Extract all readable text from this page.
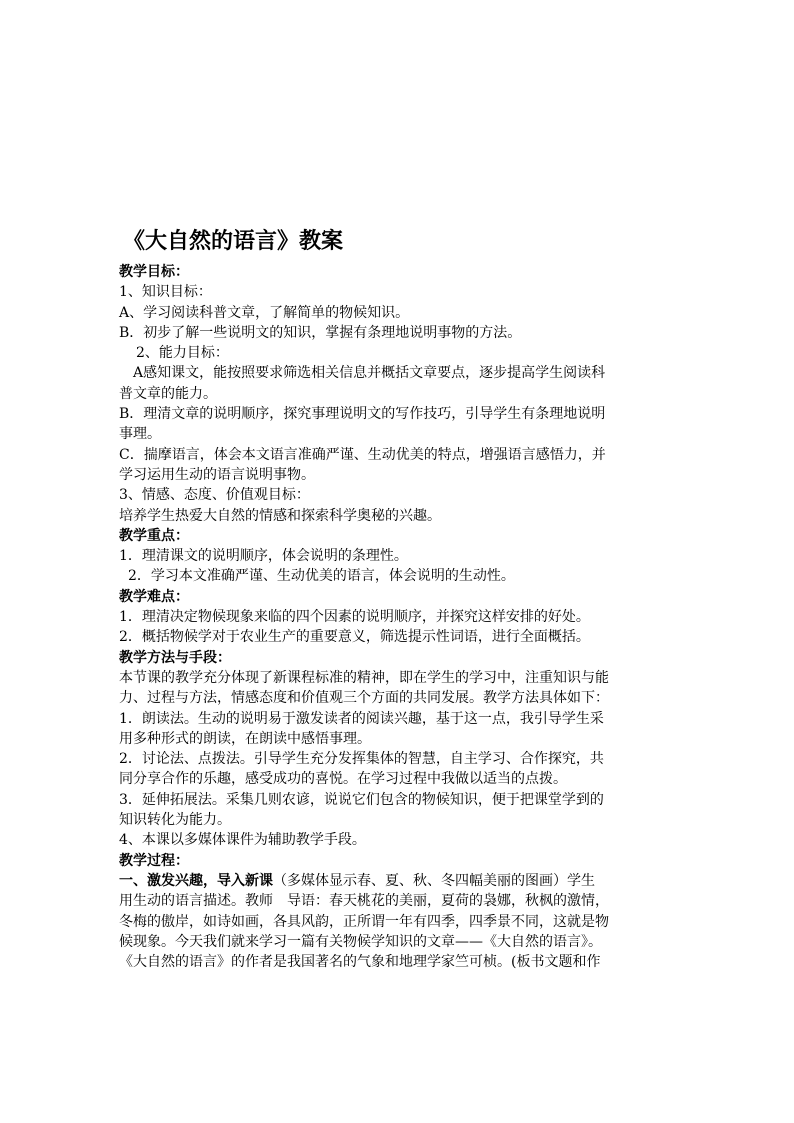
《大自然的语言》教案
教学目标：
1、知识目标：
A、学习阅读科普文章，了解简单的物候知识。
B．初步了解一些说明文的知识，掌握有条理地说明事物的方法。
2、能力目标：
A感知课文，能按照要求筛选相关信息并概括文章要点，逐步提高学生阅读科
普文章的能力。
B．理清文章的说明顺序，探究事理说明文的写作技巧，引导学生有条理地说明
事理。
C．揣摩语言，体会本文语言准确严谨、生动优美的特点，增强语言感悟力，并
学习运用生动的语言说明事物。
3、情感、态度、价值观目标：
培养学生热爱大自然的情感和探索科学奥秘的兴趣。
教学重点：
1．理清课文的说明顺序，体会说明的条理性。
2．学习本文准确严谨、生动优美的语言，体会说明的生动性。
教学难点：
1．理清决定物候现象来临的四个因素的说明顺序，并探究这样安排的好处。
2．概括物候学对于农业生产的重要意义，筛选提示性词语，进行全面概括。
教学方法与手段：
本节课的教学充分体现了新课程标准的精神，即在学生的学习中，注重知识与能
力、过程与方法，情感态度和价值观三个方面的共同发展。教学方法具体如下：
1．朗读法。生动的说明易于激发读者的阅读兴趣，基于这一点，我引导学生采
用多种形式的朗读，在朗读中感悟事理。
2．讨论法、点拨法。引导学生充分发挥集体的智慧，自主学习、合作探究，共
同分享合作的乐趣，感受成功的喜悦。在学习过程中我做以适当的点拨。
3．延伸拓展法。采集几则农谚，说说它们包含的物候知识，便于把课堂学到的
知识转化为能力。
4、本课以多媒体课件为辅助教学手段。
教学过程：
一、激发兴趣，导入新课（多媒体显示春、夏、秋、冬四幅美丽的图画）学生
用生动的语言描述。教师 导语：春天桃花的美丽，夏荷的袅娜，秋枫的激情，
冬梅的傲岸，如诗如画，各具风韵，正所谓一年有四季，四季景不同，这就是物
候现象。今天我们就来学习一篇有关物候学知识的文章——《大自然的语言》。
《大自然的语言》的作者是我国著名的气象和地理学家竺可桢。(板书文题和作
